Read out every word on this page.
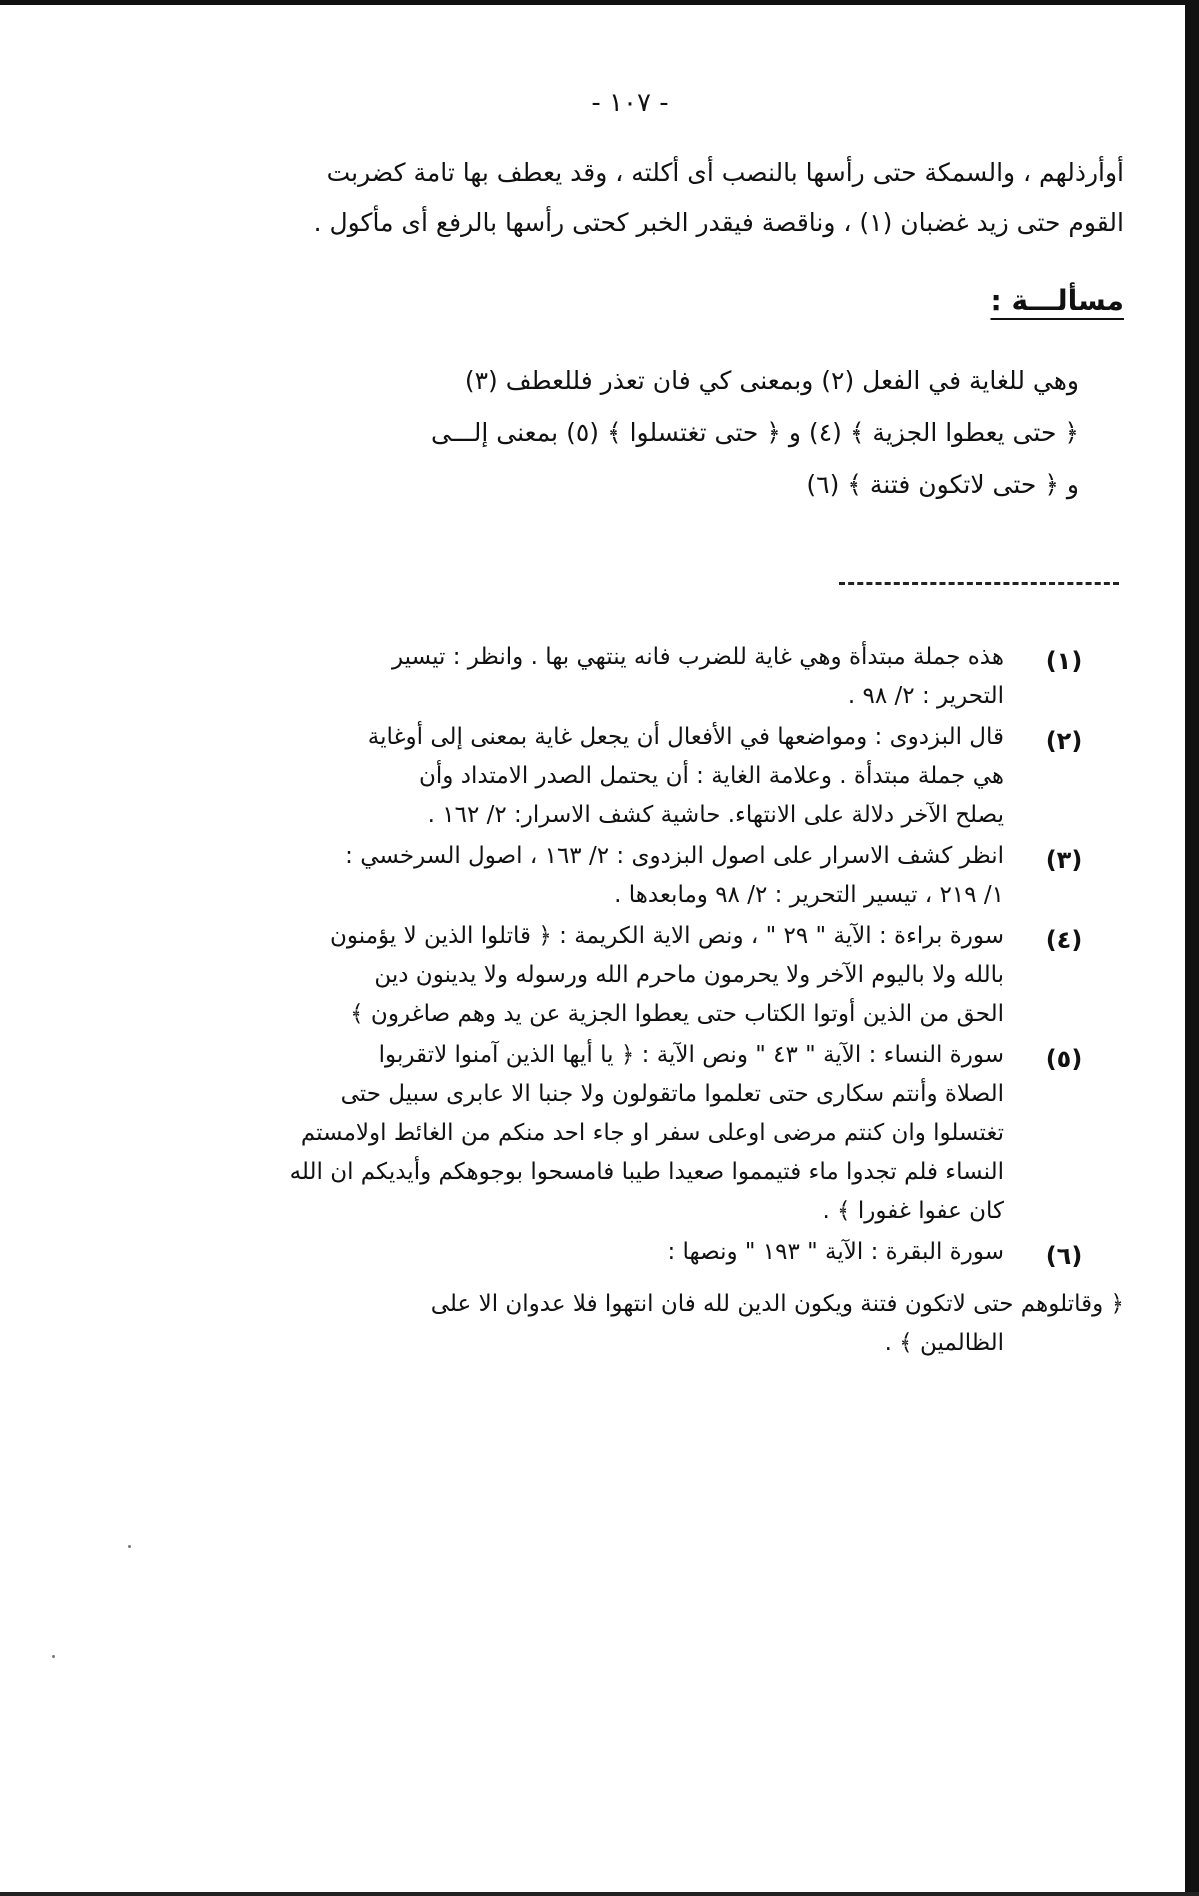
- ١٠٧ -
أوأرذلهم ، والسمكة حتى رأسها بالنصب أى أكلته ، وقد يعطف بها تامة كضربت
القوم حتى زيد غضبان (١) ، وناقصة فيقدر الخبر كحتى رأسها بالرفع أى مأكول .
مسألـــة :
وهي للغاية في الفعل (٢) وبمعنى كي فان تعذر فللعطف (٣)
﴿ حتى يعطوا الجزية ﴾ (٤) و ﴿ حتى تغتسلوا ﴾ (٥) بمعنى إلـــى
و ﴿ حتى لاتكون فتنة ﴾ (٦)
(١)
هذه جملة مبتدأة وهي غاية للضرب فانه ينتهي بها . وانظر : تيسير
التحرير : ٢/ ٩٨ .
(٢)
قال البزدوى : ومواضعها في الأفعال أن يجعل غاية بمعنى إلى أوغاية
هي جملة مبتدأة . وعلامة الغاية : أن يحتمل الصدر الامتداد وأن
يصلح الآخر دلالة على الانتهاء. حاشية كشف الاسرار: ٢/ ١٦٢ .
(٣)
انظر كشف الاسرار على اصول البزدوى : ٢/ ١٦٣ ، اصول السرخسي :
١/ ٢١٩ ، تيسير التحرير : ٢/ ٩٨ ومابعدها .
(٤)
سورة براءة : الآية " ٢٩ " ، ونص الاية الكريمة : ﴿ قاتلوا الذين لا يؤمنون
بالله ولا باليوم الآخر ولا يحرمون ماحرم الله ورسوله ولا يدينون دين
الحق من الذين أوتوا الكتاب حتى يعطوا الجزية عن يد وهم صاغرون ﴾
(٥)
سورة النساء : الآية " ٤٣ " ونص الآية : ﴿ يا أيها الذين آمنوا لاتقربوا
الصلاة وأنتم سكارى حتى تعلموا ماتقولون ولا جنبا الا عابرى سبيل حتى
تغتسلوا وان كنتم مرضى اوعلى سفر او جاء احد منكم من الغائط اولامستم
النساء فلم تجدوا ماء فتيمموا صعيدا طيبا فامسحوا بوجوهكم وأيديكم ان الله
كان عفوا غفورا ﴾ .
(٦)
سورة البقرة : الآية " ١٩٣ " ونصها :
﴿ وقاتلوهم حتى لاتكون فتنة ويكون الدين لله فان انتهوا فلا عدوان الا على
الظالمين ﴾ .
